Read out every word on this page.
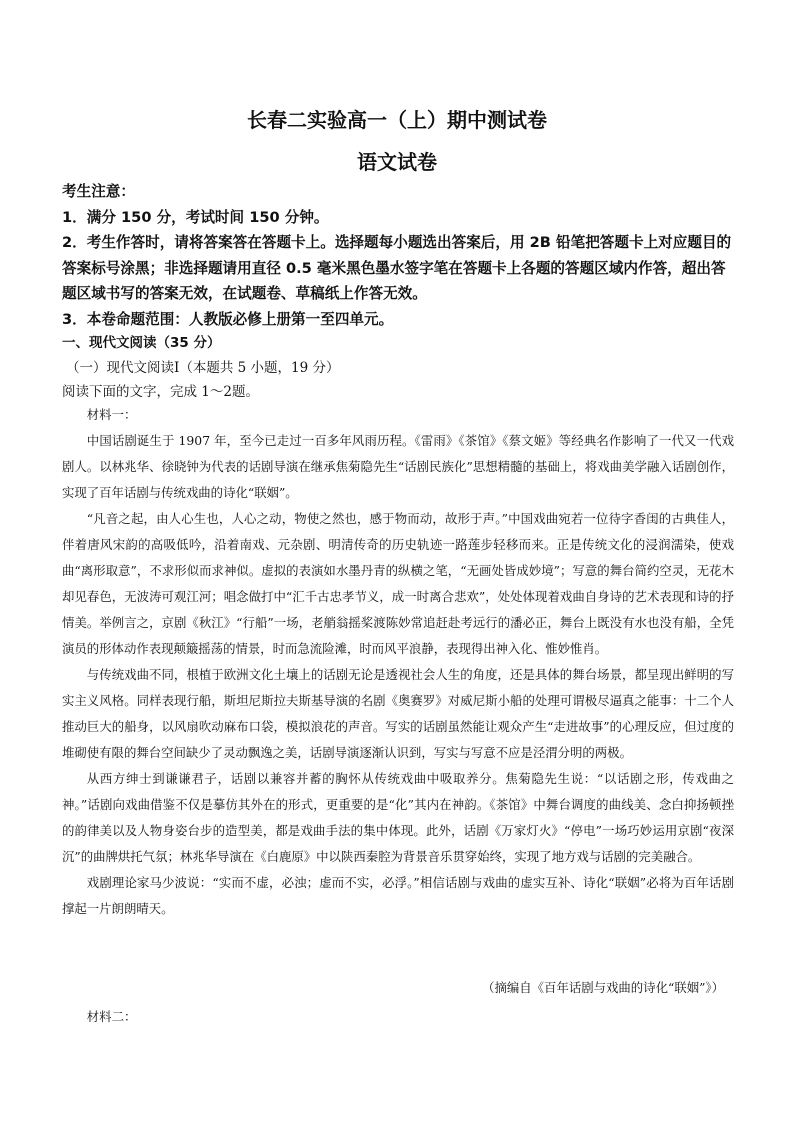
长春二实验高一（上）期中测试卷
语文试卷

考生注意：

1．满分 150 分，考试时间 150 分钟。

2．考生作答时，请将答案答在答题卡上。选择题每小题选出答案后，用 2B 铅笔把答题卡上对应题目的答案标号涂黑；非选择题请用直径 0.5 毫米黑色墨水签字笔在答题卡上各题的答题区域内作答，超出答题区域书写的答案无效，在试题卷、草稿纸上作答无效。

3．本卷命题范围：人教版必修上册第一至四单元。

一、现代文阅读（35 分）
（一）现代文阅读Ⅰ（本题共 5 小题，19 分）
阅读下面的文字，完成 1～2题。

材料一：

中国话剧诞生于 1907 年，至今已走过一百多年风雨历程。《雷雨》《茶馆》《蔡文姬》等经典名作影响了一代又一代戏剧人。以林兆华、徐晓钟为代表的话剧导演在继承焦菊隐先生“话剧民族化”思想精髓的基础上，将戏曲美学融入话剧创作，实现了百年话剧与传统戏曲的诗化“联姻”。

“凡音之起，由人心生也，人心之动，物使之然也，感于物而动，故形于声。”中国戏曲宛若一位待字香闺的古典佳人，伴着唐风宋韵的高吸低吟，沿着南戏、元杂剧、明清传奇的历史轨迹一路莲步轻移而来。正是传统文化的浸润濡染，使戏曲“离形取意”，不求形似而求神似。虚拟的表演如水墨丹青的纵横之笔，“无画处皆成妙境”；写意的舞台简约空灵，无花木却见春色，无波涛可观江河；唱念做打中“汇千古忠孝节义，成一时离合悲欢”，处处体现着戏曲自身诗的艺术表现和诗的抒情美。举例言之，京剧《秋江》“行船”一场，老艄翁摇桨渡陈妙常追赶赴考远行的潘必正，舞台上既没有水也没有船，全凭演员的形体动作表现颠簸摇荡的情景，时而急流险滩，时而风平浪静，表现得出神入化、惟妙惟肖。

与传统戏曲不同，根植于欧洲文化土壤上的话剧无论是透视社会人生的角度，还是具体的舞台场景，都呈现出鲜明的写实主义风格。同样表现行船，斯坦尼斯拉夫斯基导演的名剧《奥赛罗》对威尼斯小船的处理可谓极尽逼真之能事：十二个人推动巨大的船身，以风扇吹动麻布口袋，模拟浪花的声音。写实的话剧虽然能让观众产生“走进故事”的心理反应，但过度的堆砌使有限的舞台空间缺少了灵动飘逸之美，话剧导演逐渐认识到，写实与写意不应是泾渭分明的两极。

从西方绅士到谦谦君子，话剧以兼容并蓄的胸怀从传统戏曲中吸取养分。焦菊隐先生说：“以话剧之形，传戏曲之神。”话剧向戏曲借鉴不仅是摹仿其外在的形式，更重要的是“化”其内在神韵。《茶馆》中舞台调度的曲线美、念白抑扬顿挫的韵律美以及人物身姿台步的造型美，都是戏曲手法的集中体现。此外，话剧《万家灯火》“停电”一场巧妙运用京剧“夜深沉”的曲牌烘托气氛；林兆华导演在《白鹿原》中以陕西秦腔为背景音乐贯穿始终，实现了地方戏与话剧的完美融合。

戏剧理论家马少波说：“实而不虚，必浊；虚而不实，必浮。”相信话剧与戏曲的虚实互补、诗化“联姻”必将为百年话剧撑起一片朗朗晴天。

（摘编自《百年话剧与戏曲的诗化“联姻”》）

材料二：
